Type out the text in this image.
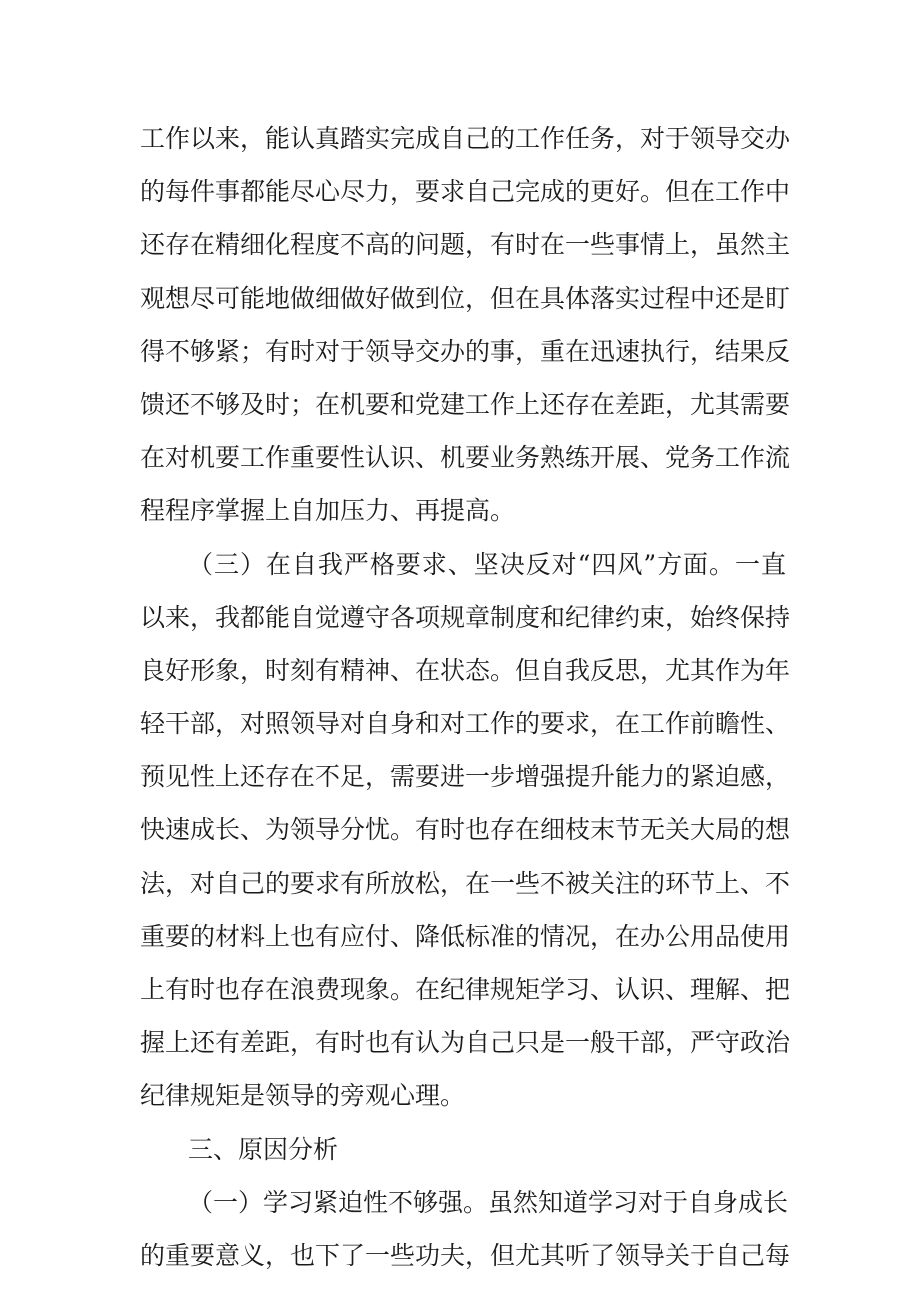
工作以来，能认真踏实完成自己的工作任务，对于领导交办
的每件事都能尽心尽力，要求自己完成的更好。但在工作中
还存在精细化程度不高的问题，有时在一些事情上，虽然主
观想尽可能地做细做好做到位，但在具体落实过程中还是盯
得不够紧；有时对于领导交办的事，重在迅速执行，结果反
馈还不够及时；在机要和党建工作上还存在差距，尤其需要
在对机要工作重要性认识、机要业务熟练开展、党务工作流
程程序掌握上自加压力、再提高。
（三）在自我严格要求、坚决反对“四风”方面。一直
以来，我都能自觉遵守各项规章制度和纪律约束，始终保持
良好形象，时刻有精神、在状态。但自我反思，尤其作为年
轻干部，对照领导对自身和对工作的要求，在工作前瞻性、
预见性上还存在不足，需要进一步增强提升能力的紧迫感，
快速成长、为领导分忧。有时也存在细枝末节无关大局的想
法，对自己的要求有所放松，在一些不被关注的环节上、不
重要的材料上也有应付、降低标准的情况，在办公用品使用
上有时也存在浪费现象。在纪律规矩学习、认识、理解、把
握上还有差距，有时也有认为自己只是一般干部，严守政治
纪律规矩是领导的旁观心理。
三、原因分析
（一）学习紧迫性不够强。虽然知道学习对于自身成长
的重要意义，也下了一些功夫，但尤其听了领导关于自己每
